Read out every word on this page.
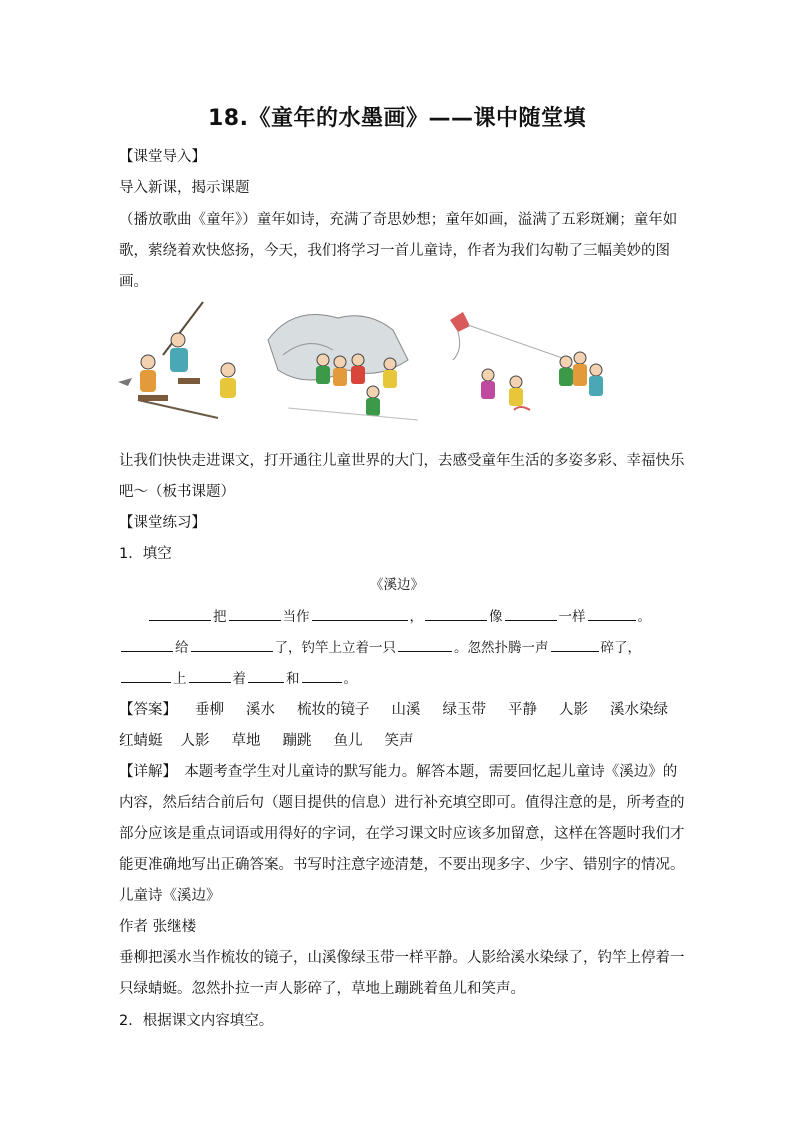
18.《童年的水墨画》——课中随堂填
【课堂导入】
导入新课，揭示课题
（播放歌曲《童年》）童年如诗，充满了奇思妙想；童年如画，溢满了五彩斑斓；童年如
歌，萦绕着欢快悠扬，今天，我们将学习一首儿童诗，作者为我们勾勒了三幅美妙的图
画。
让我们快快走进课文，打开通往儿童世界的大门，去感受童年生活的多姿多彩、幸福快乐
吧～（板书课题）
【课堂练习】
1．填空
《溪边》
把	当作	，	像	一样	。
给	了，钓竿上立着一只	。忽然扑腾一声	碎了，
上	着	和	。
【答案】 垂柳 溪水 梳妆的镜子 山溪 绿玉带 平静 人影 溪水染绿
红蜻蜓 人影 草地 蹦跳 鱼儿 笑声
【详解】　本题考查学生对儿童诗的默写能力。解答本题，需要回忆起儿童诗《溪边》的
内容，然后结合前后句（题目提供的信息）进行补充填空即可。值得注意的是，所考查的
部分应该是重点词语或用得好的字词，在学习课文时应该多加留意，这样在答题时我们才
能更准确地写出正确答案。书写时注意字迹清楚，不要出现多字、少字、错别字的情况。
儿童诗《溪边》
作者 张继楼
垂柳把溪水当作梳妆的镜子，山溪像绿玉带一样平静。人影给溪水染绿了，钓竿上停着一
只绿蜻蜓。忽然扑拉一声人影碎了，草地上蹦跳着鱼儿和笑声。
2．根据课文内容填空。
